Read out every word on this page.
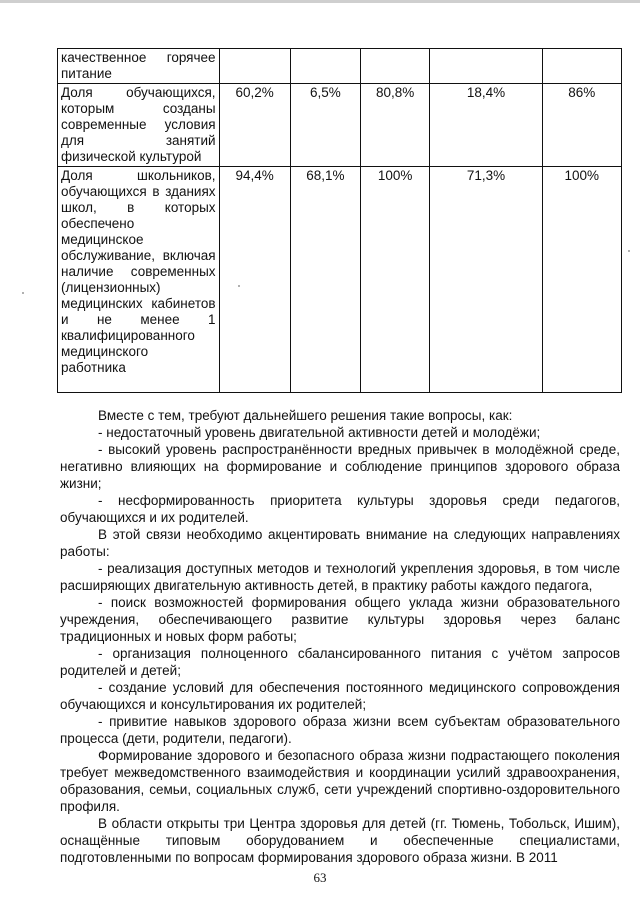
качественное горячее питание					
Доля обучающихся, которым созданы современные условия для занятий физической культурой	60,2%	6,5%	80,8%	18,4%	86%
Доля школьников, обучающихся в зданиях школ, в которых обеспечено медицинское обслуживание, включая наличие современных (лицензионных) медицинских кабинетов и не менее 1 квалифицированного медицинского работника	94,4%	68,1%	100%	71,3%	100%

Вместе с тем, требуют дальнейшего решения такие вопросы, как:

- недостаточный уровень двигательной активности детей и молодёжи;

- высокий уровень распространённости вредных привычек в молодёжной среде, негативно влияющих на формирование и соблюдение принципов здорового образа жизни;

- несформированность приоритета культуры здоровья среди педагогов, обучающихся и их родителей.

В этой связи необходимо акцентировать внимание на следующих направлениях работы:

- реализация доступных методов и технологий укрепления здоровья, в том числе расширяющих двигательную активность детей, в практику работы каждого педагога,

- поиск возможностей формирования общего уклада жизни образовательного учреждения, обеспечивающего развитие культуры здоровья через баланс традиционных и новых форм работы;

- организация полноценного сбалансированного питания с учётом запросов родителей и детей;

- создание условий для обеспечения постоянного медицинского сопровождения обучающихся и консультирования их родителей;

- привитие навыков здорового образа жизни всем субъектам образовательного процесса (дети, родители, педагоги).

Формирование здорового и безопасного образа жизни подрастающего поколения требует межведомственного взаимодействия и координации усилий здравоохранения, образования, семьи, социальных служб, сети учреждений спортивно-оздоровительного профиля.

В области открыты три Центра здоровья для детей (гг. Тюмень, Тобольск, Ишим), оснащённые типовым оборудованием и обеспеченные специалистами, подготовленными по вопросам формирования здорового образа жизни. В 2011

63
